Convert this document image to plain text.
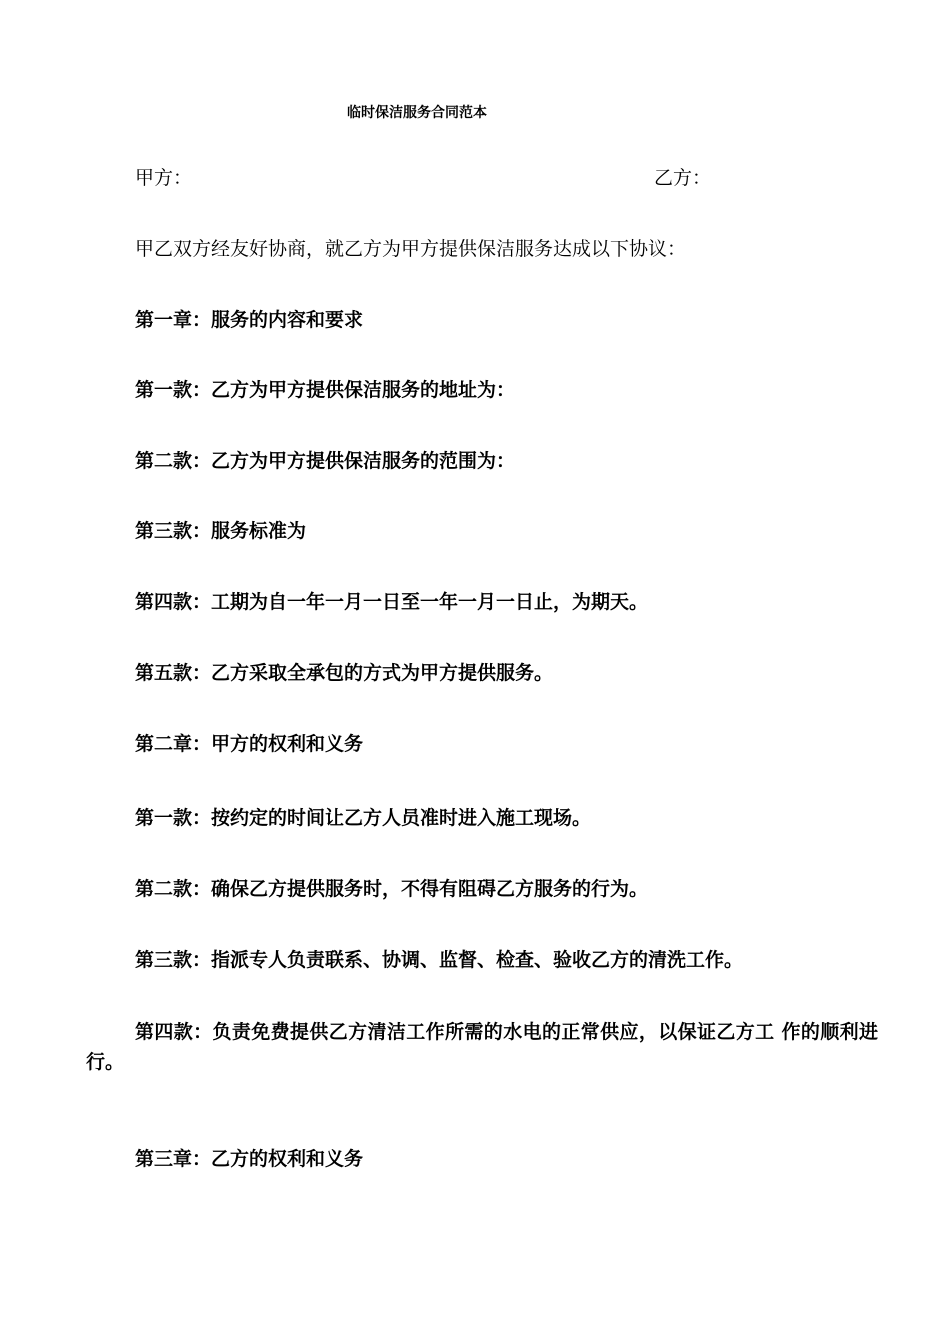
临时保洁服务合同范本
甲方：	乙方：
甲乙双方经友好协商，就乙方为甲方提供保洁服务达成以下协议：
第一章：服务的内容和要求
第一款：乙方为甲方提供保洁服务的地址为：
第二款：乙方为甲方提供保洁服务的范围为：
第三款：服务标准为
第四款：工期为自一年一月一日至一年一月一日止，为期天。
第五款：乙方采取全承包的方式为甲方提供服务。
第二章：甲方的权利和义务
第一款：按约定的时间让乙方人员准时进入施工现场。
第二款：确保乙方提供服务时，不得有阻碍乙方服务的行为。
第三款：指派专人负责联系、协调、监督、检查、验收乙方的清洗工作。
第四款：负责免费提供乙方清洁工作所需的水电的正常供应，以保证乙方工 作的顺利进行。
第三章：乙方的权利和义务
